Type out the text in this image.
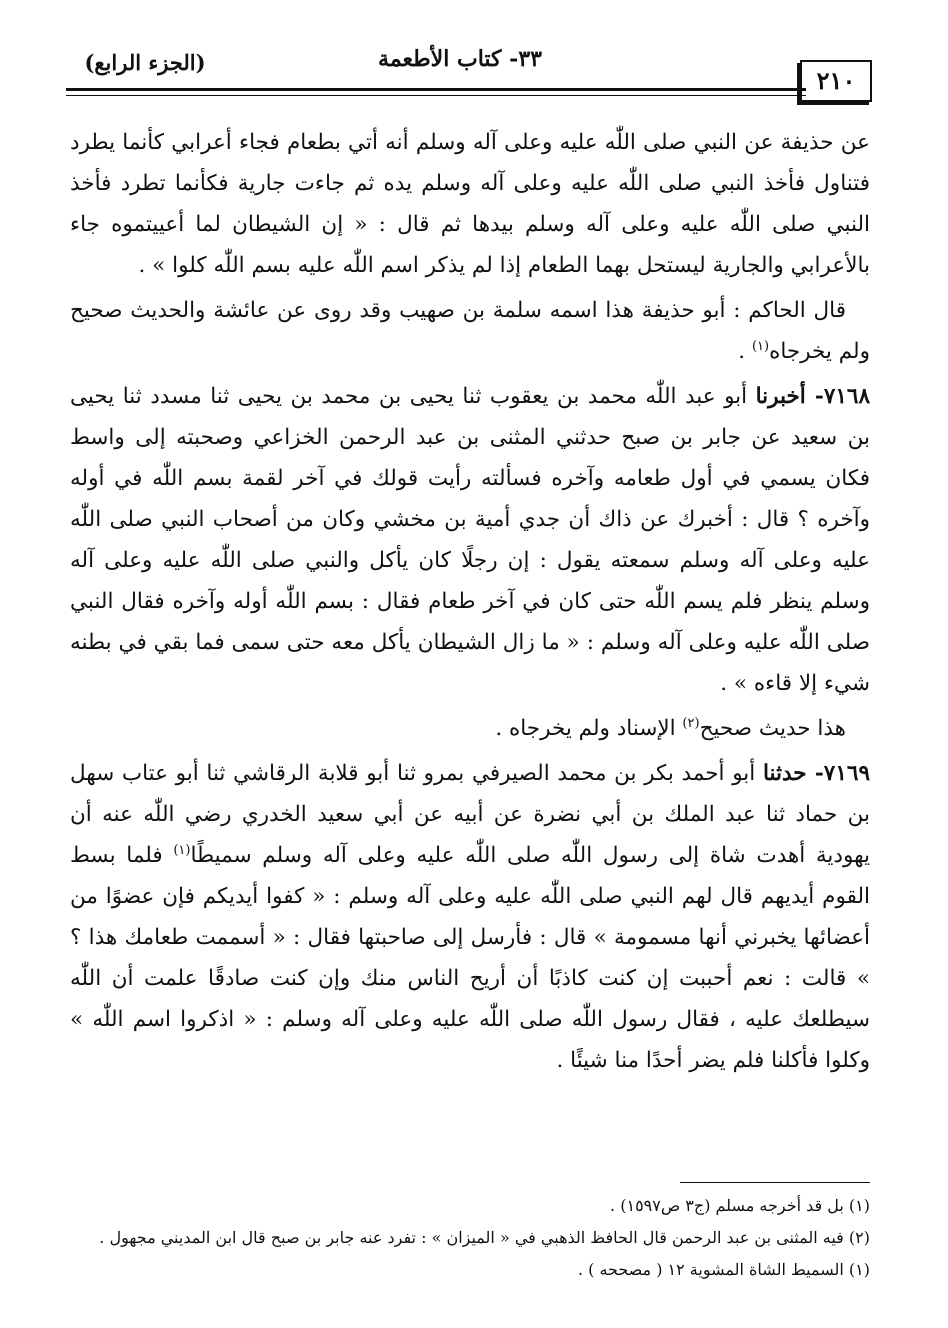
٢١٠
٣٣- كتاب الأطعمة
(الجزء الرابع)

عن حذيفة عن النبي صلى اللّٰه عليه وعلى آله وسلم أنه أتي بطعام فجاء أعرابي كأنما يطرد فتناول فأخذ النبي صلى اللّٰه عليه وعلى آله وسلم يده ثم جاءت جارية فكأنما تطرد فأخذ النبي صلى اللّٰه عليه وعلى آله وسلم بيدها ثم قال : « إن الشيطان لما أعييتموه جاء بالأعرابي والجارية ليستحل بهما الطعام إذا لم يذكر اسم اللّٰه عليه بسم اللّٰه كلوا » .

قال الحاكم : أبو حذيفة هذا اسمه سلمة بن صهيب وقد روى عن عائشة والحديث صحيح ولم يخرجاه$^{(١)}$ .

٧١٦٨- أخبرنا أبو عبد اللّٰه محمد بن يعقوب ثنا يحيى بن محمد بن يحيى ثنا مسدد ثنا يحيى بن سعيد عن جابر بن صبح حدثني المثنى بن عبد الرحمن الخزاعي وصحبته إلى واسط فكان يسمي في أول طعامه وآخره فسألته رأيت قولك في آخر لقمة بسم اللّٰه في أوله وآخره ؟ قال : أخبرك عن ذاك أن جدي أمية بن مخشي وكان من أصحاب النبي صلى اللّٰه عليه وعلى آله وسلم سمعته يقول : إن رجلًا كان يأكل والنبي صلى اللّٰه عليه وعلى آله وسلم ينظر فلم يسم اللّٰه حتى كان في آخر طعام فقال : بسم اللّٰه أوله وآخره فقال النبي صلى اللّٰه عليه وعلى آله وسلم : « ما زال الشيطان يأكل معه حتى سمى فما بقي في بطنه شيء إلا قاءه » .

هذا حديث صحيح$^{(٢)}$ الإسناد ولم يخرجاه .

٧١٦٩- حدثنا أبو أحمد بكر بن محمد الصيرفي بمرو ثنا أبو قلابة الرقاشي ثنا أبو عتاب سهل بن حماد ثنا عبد الملك بن أبي نضرة عن أبيه عن أبي سعيد الخدري رضي اللّٰه عنه أن يهودية أهدت شاة إلى رسول اللّٰه صلى اللّٰه عليه وعلى آله وسلم سميطًا$^{(١)}$ فلما بسط القوم أيديهم قال لهم النبي صلى اللّٰه عليه وعلى آله وسلم : « كفوا أيديكم فإن عضوًا من أعضائها يخبرني أنها مسمومة » قال : فأرسل إلى صاحبتها فقال : « أسممت طعامك هذا ؟ » قالت : نعم أحببت إن كنت كاذبًا أن أريح الناس منك وإن كنت صادقًا علمت أن اللّٰه سيطلعك عليه ، فقال رسول اللّٰه صلى اللّٰه عليه وعلى آله وسلم : « اذكروا اسم اللّٰه » وكلوا فأكلنا فلم يضر أحدًا منا شيئًا .

(١) بل قد أخرجه مسلم (ج٣ ص١٥٩٧) .

(٢) فيه المثنى بن عبد الرحمن قال الحافظ الذهبي في « الميزان » : تفرد عنه جابر بن صبح قال ابن المديني مجهول .

(١) السميط الشاة المشوية ١٢ ( مصححه ) .
